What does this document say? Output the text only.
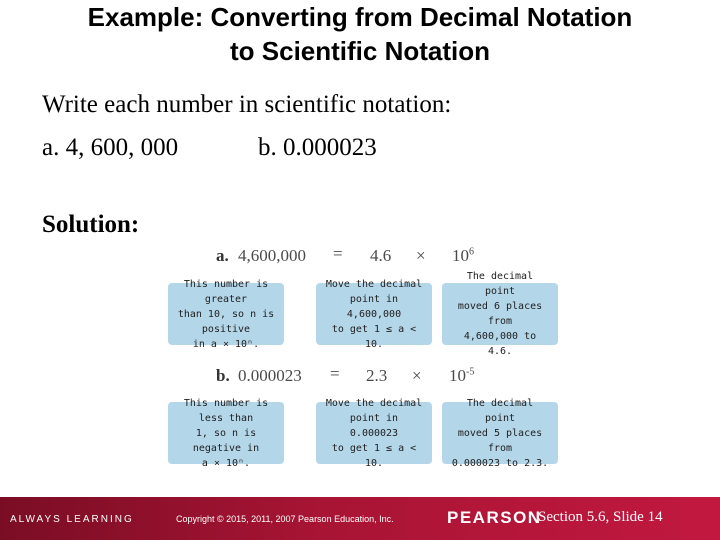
Example: Converting from Decimal Notation
to Scientific Notation
Write each number in scientific notation:
a. 4, 600, 000	b. 0.000023
Solution:
a. $4,600,000 = 4.6 \times 10^6$
This number is greater
than 10, so n is positive
in a × 10ⁿ.
Move the decimal
point in 4,600,000
to get 1 ≤ a < 10.
The decimal point
moved 6 places from
4,600,000 to 4.6.
b. $0.000023 = 2.3 \times 10^{-5}$
This number is less than
1, so n is negative in
a × 10ⁿ.
Move the decimal
point in 0.000023
to get 1 ≤ a < 10.
The decimal point
moved 5 places from
0.000023 to 2.3.
ALWAYS LEARNING	Copyright © 2015, 2011, 2007 Pearson Education, Inc.	PEARSON
Section 5.6, Slide 14
